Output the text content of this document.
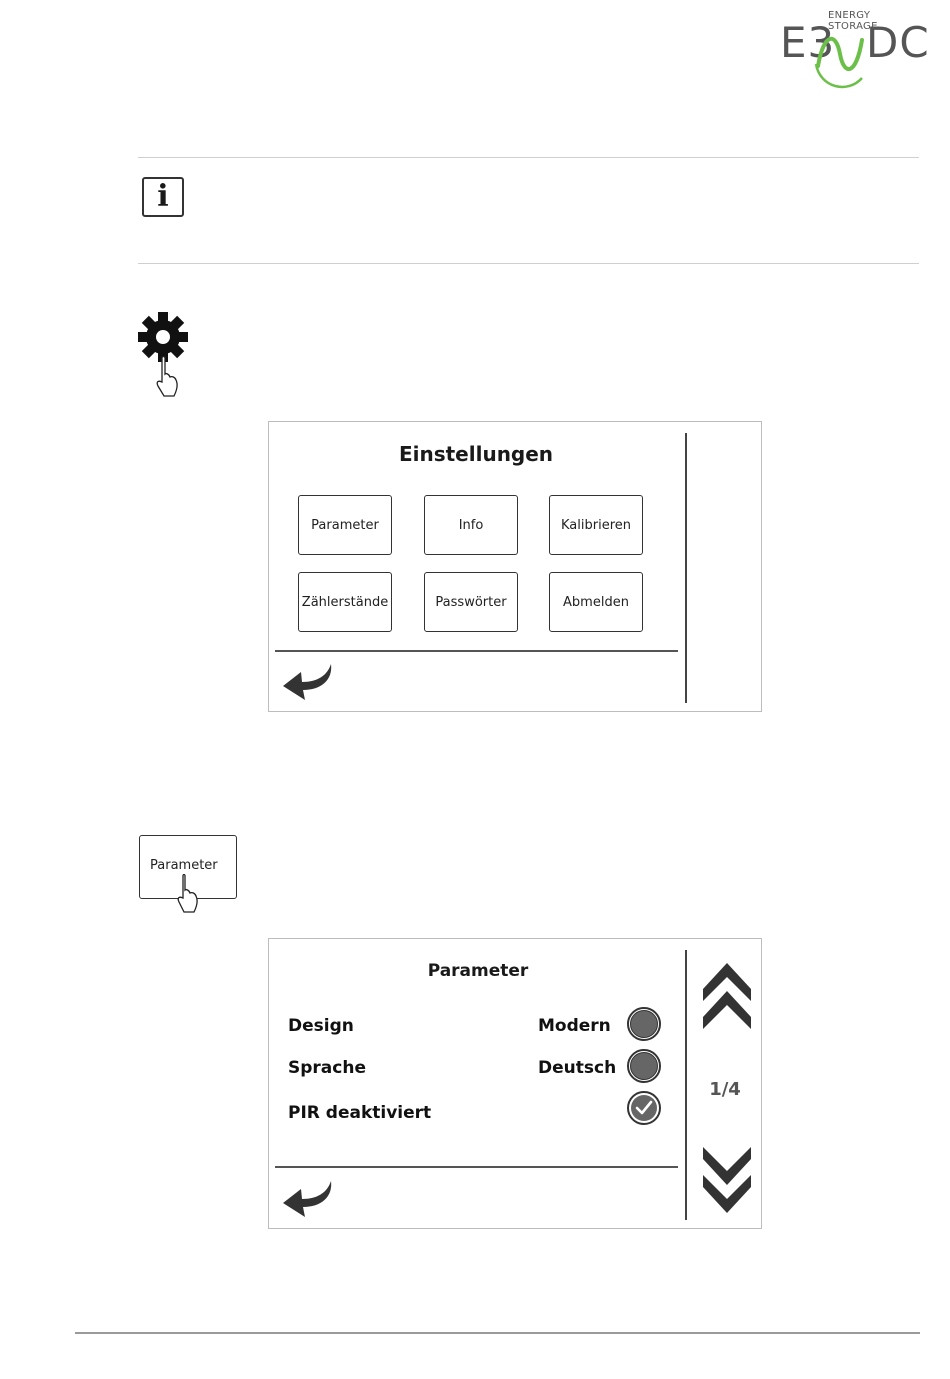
ENERGY STORAGE
E3 DC
i
Einstellungen
Parameter	Info	Kalibrieren
Zählerstände	Passwörter	Abmelden
Parameter
Parameter
Design	Modern
Sprache	Deutsch
PIR deaktiviert
1/4
